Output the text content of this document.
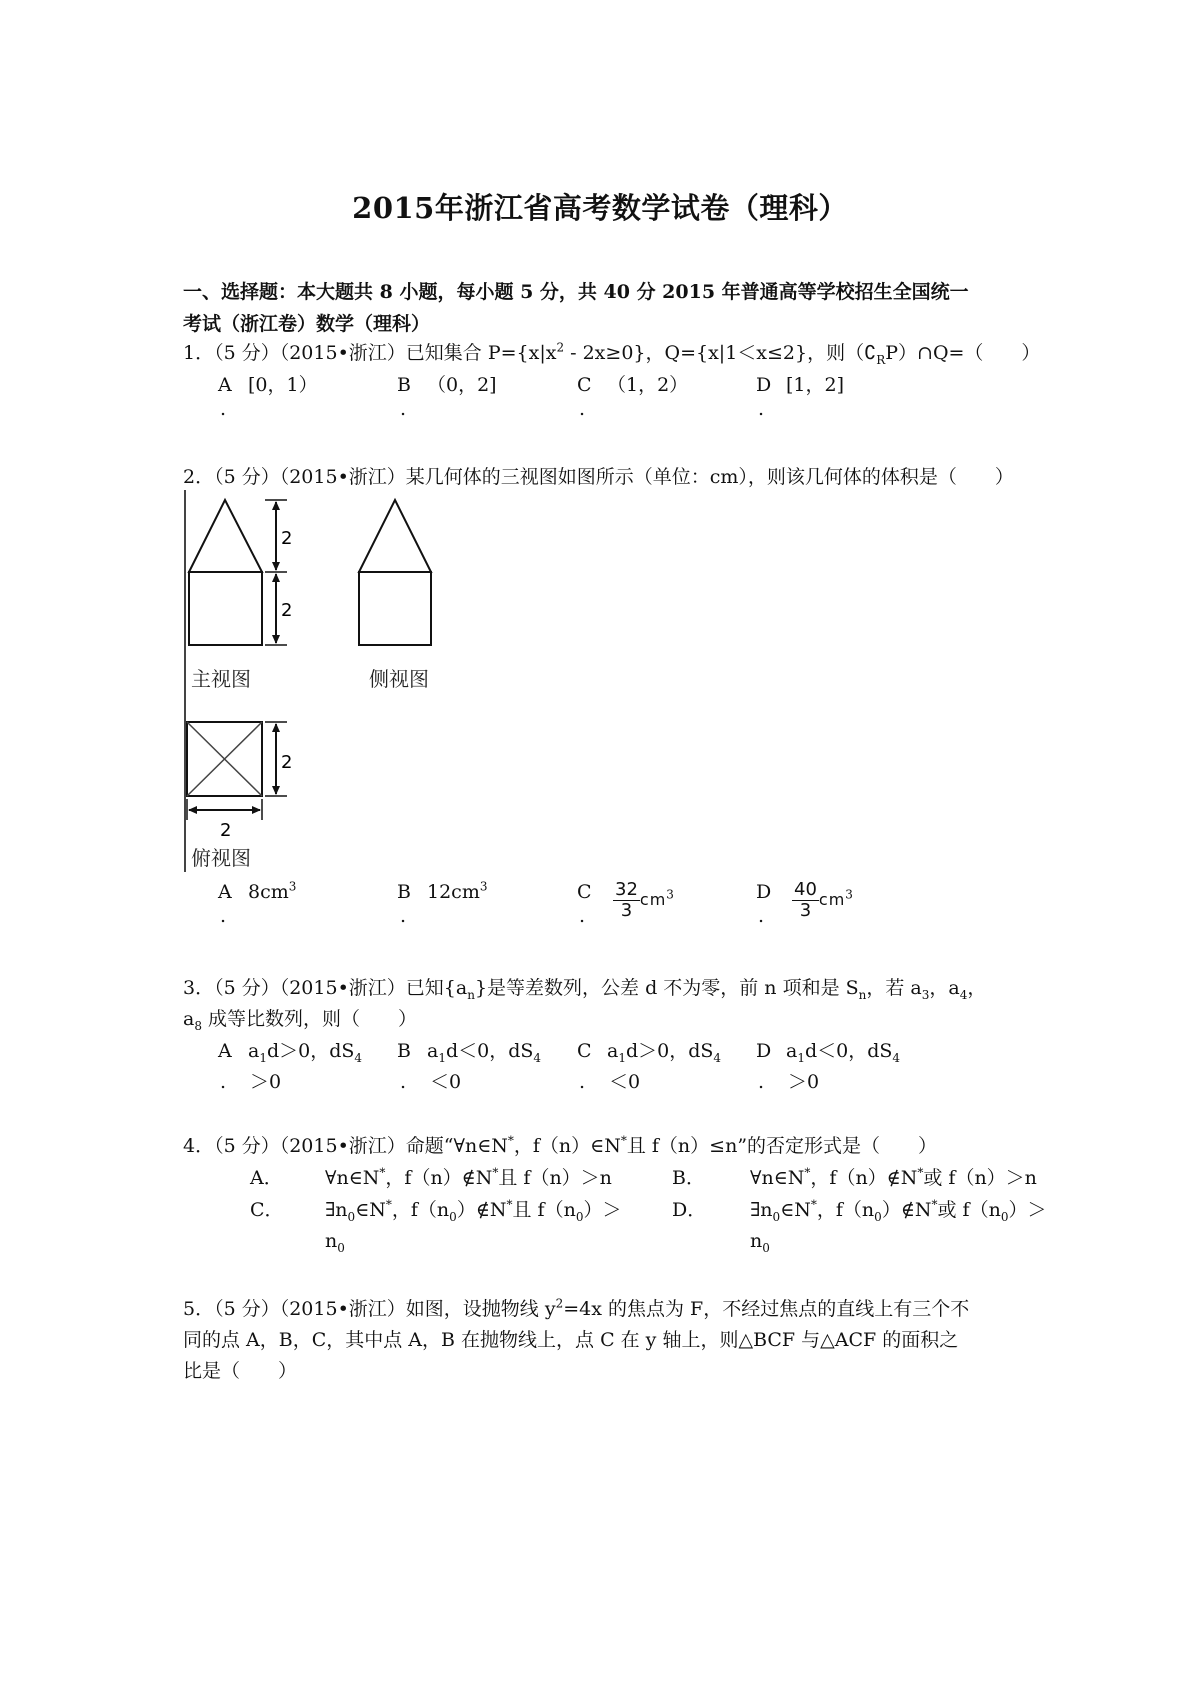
2015年浙江省高考数学试卷（理科）
一、选择题：本大题共 8 小题，每小题 5 分，共 40 分 2015 年普通高等学校招生全国统一
考试（浙江卷）数学（理科）
1．（5 分）（2015•浙江）已知集合 $P=\{x|x^2 - 2x\ge 0\}$，Q={x|1＜x≤2}，则$(∁_RP)\cap Q=$（　　）
A [0，1）	B （0，2]	C （1，2）	D [1，2]
.	.	.	.
2．（5 分）（2015•浙江）某几何体的三视图如图所示（单位：cm），则该几何体的体积是（　　）
2
2
主视图	侧视图
2
2
俯视图
A $8cm^3$	B $12cm^3$	C	$\frac{32}{3} cm^3$	D	$\frac{40}{3} cm^3$
.	.	.	.
3．（5 分）（2015•浙江）已知$\{a_n\}$是等差数列，公差 d 不为零，前 n 项和是 $S_n$，若 $a_3$，$a_4$，
$a_8$ 成等比数列，则（　　）
A $a_1d>0$，$dS_4$ B $a_1d<0$，$dS_4$ C $a_1d>0$，$dS_4$ D $a_1d<0$，$dS_4$
. ＞0	. ＜0	. ＜0	. ＞0
4．（5 分）（2015•浙江）命题“∀n∈N*，f（n）∈N*且 f（n）≤n”的否定形式是（　　）
A． ∀n∈N*，f（n）∉N*且 f（n）＞n	B． ∀n∈N*，f（n）∉N*或 f（n）＞n
C． $\exists n_0\in N^*$，$f(n_0)\notin N^*$且 $f(n_0)>$
$n_0$
D． $\exists n_0\in N^*$，$f(n_0)\notin N^*$或 $f(n_0)>$
$n_0$
5．（5 分）（2015•浙江）如图，设抛物线 $y^2=4x$ 的焦点为 F，不经过焦点的直线上有三个不
同的点 A，B，C，其中点 A，B 在抛物线上，点 C 在 y 轴上，则△BCF 与△ACF 的面积之
比是（　　）
